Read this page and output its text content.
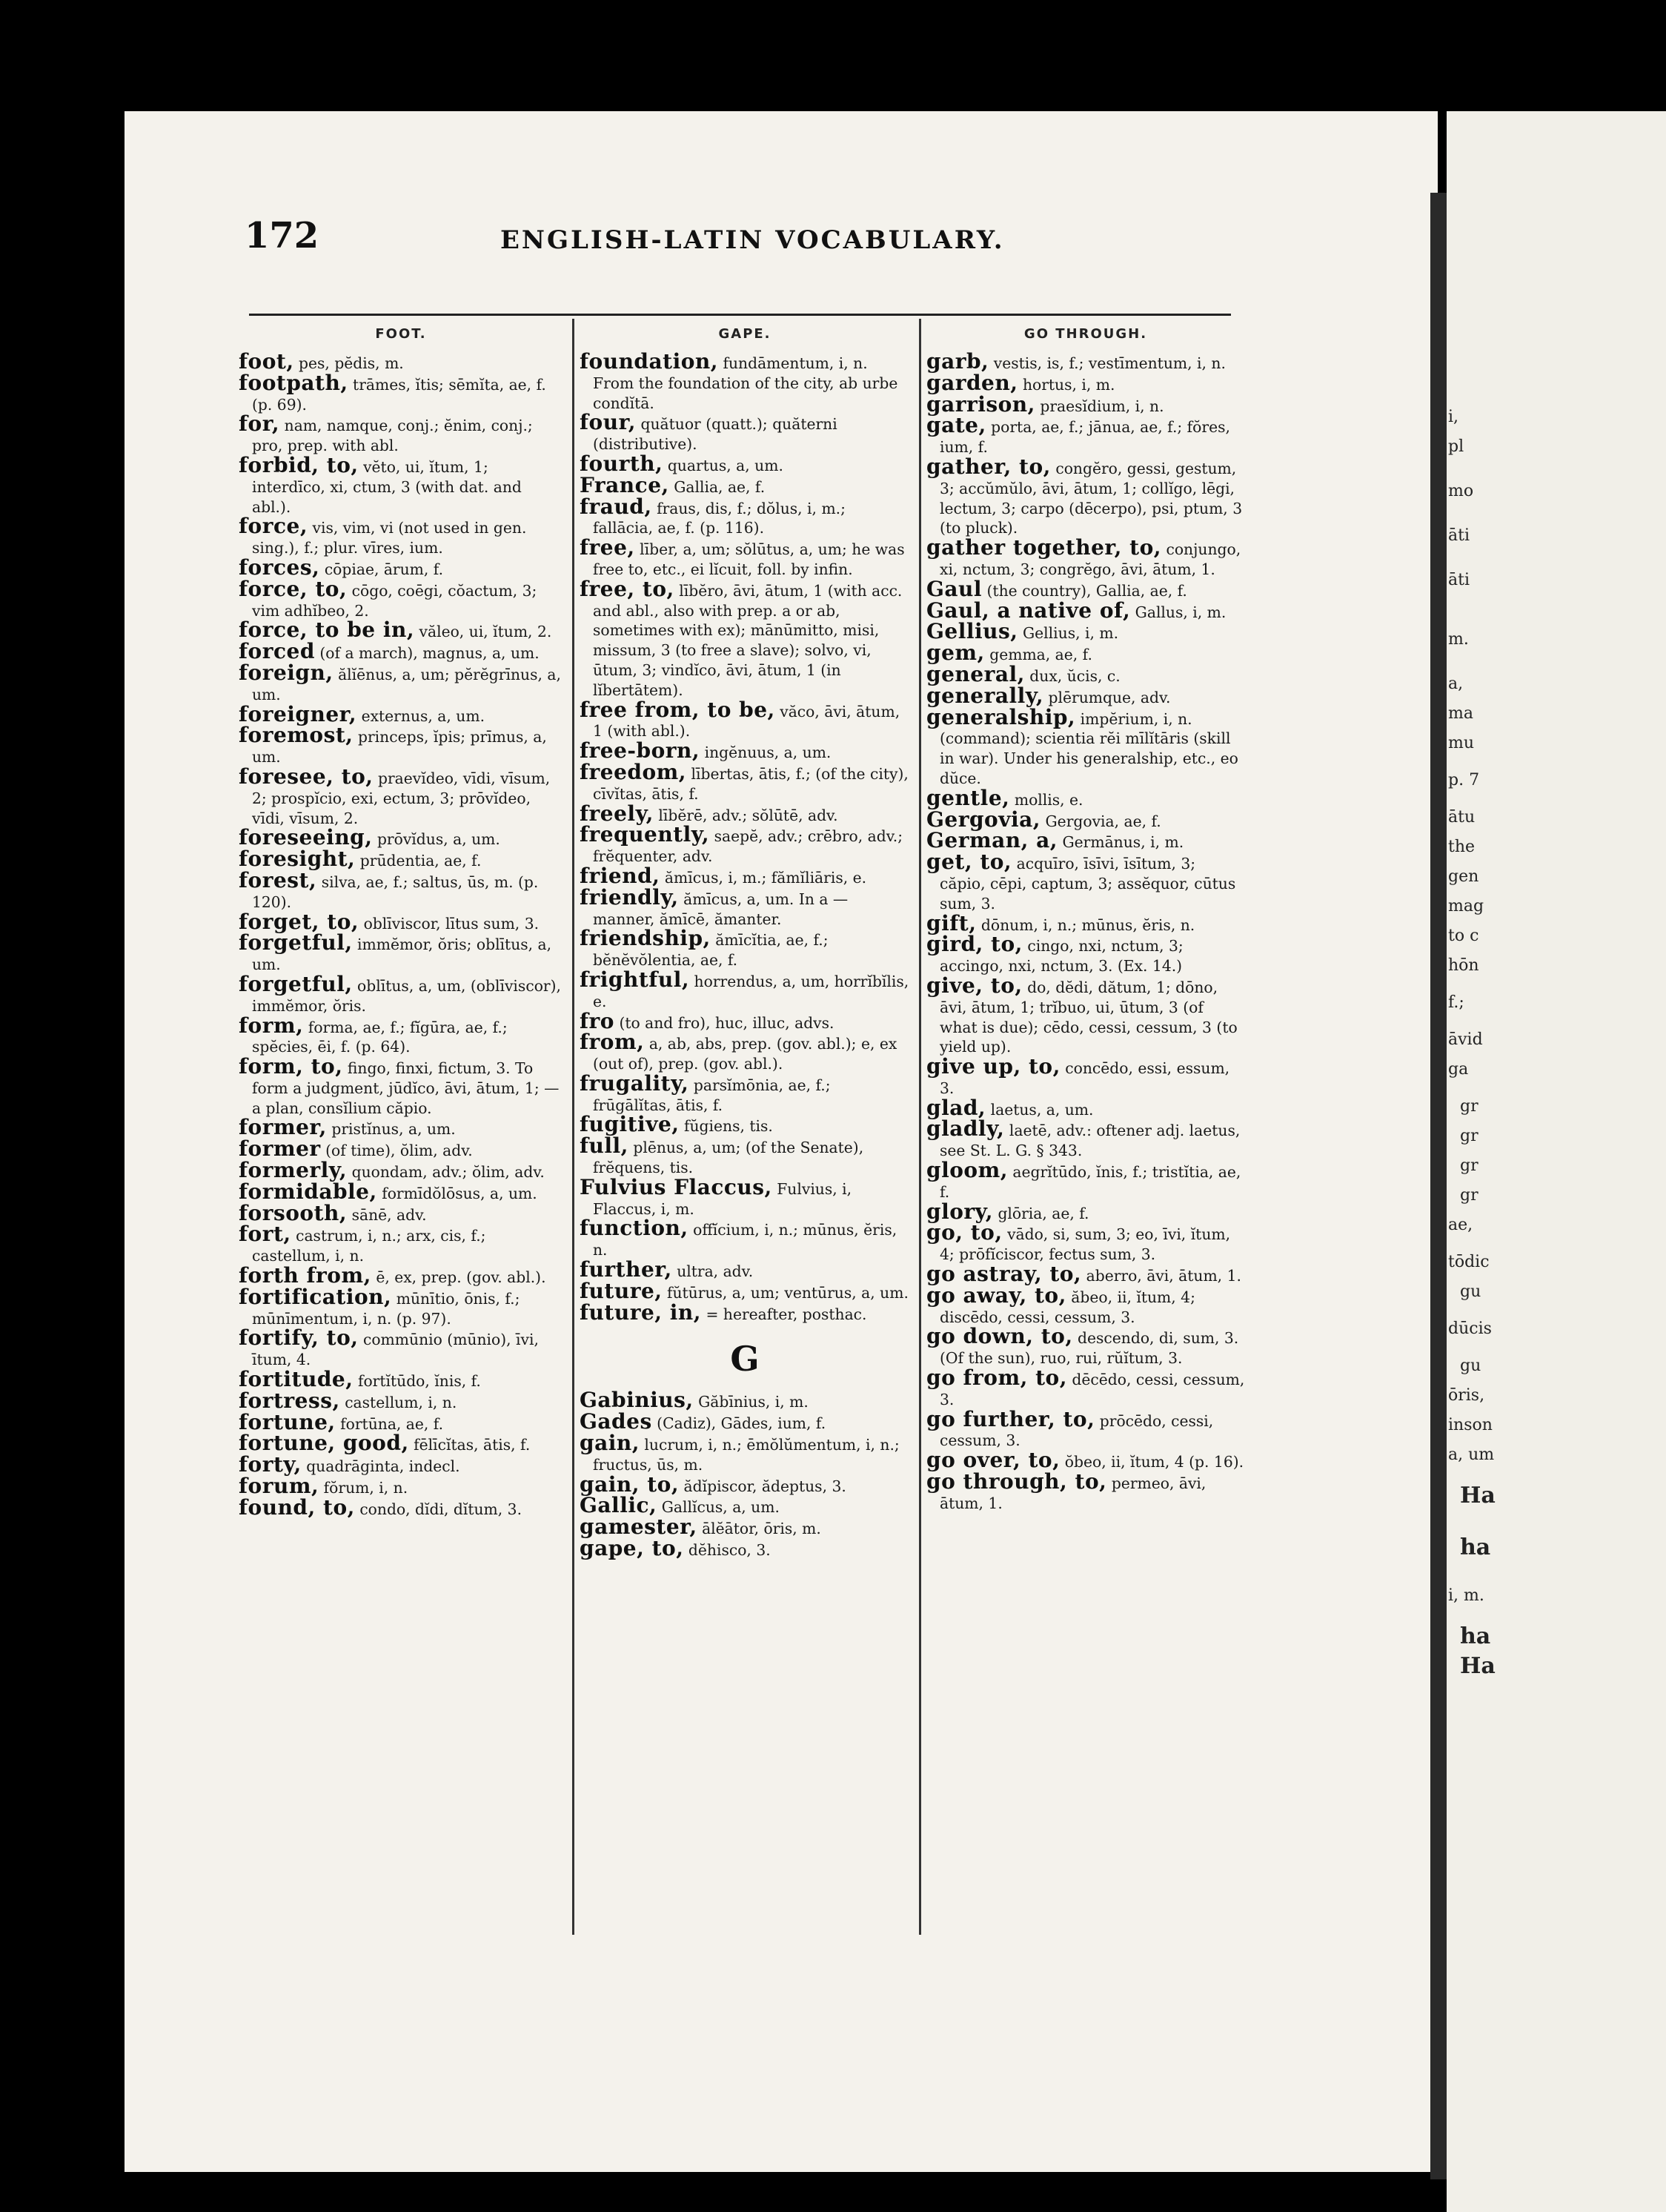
i,
pl
mo
āti
āti
m.
a,
ma
mu
p. 7
ātu
the
gen
mag
to c
hōn
f.;
āvid
ga
gr
gr
gr
gr
ae,
tōdic
gu
dūcis
gu
ōris,
inson
a, um
Ha
ha
i, m.
ha
Ha
172	ENGLISH-LATIN VOCABULARY.
FOOT.
foot, pes, pĕdis, m.
footpath, trāmes, ĭtis; sēmĭta, ae, f. (p. 69).
for, nam, namque, conj.; ĕnim, conj.; pro, prep. with abl.
forbid, to, vĕto, ui, ĭtum, 1; interdīco, xi, ctum, 3 (with dat. and abl.).
force, vis, vim, vi (not used in gen. sing.), f.; plur. vīres, ium.
forces, cōpiae, ārum, f.
force, to, cōgo, coēgi, cŏactum, 3; vim adhĭbeo, 2.
force, to be in, văleo, ui, ĭtum, 2.
forced (of a march), magnus, a, um.
foreign, ălĭēnus, a, um; pĕrĕgrīnus, a, um.
foreigner, externus, a, um.
foremost, princeps, ĭpis; prīmus, a, um.
foresee, to, praevĭdeo, vīdi, vīsum, 2; prospĭcio, exi, ectum, 3; prōvĭdeo, vīdi, vīsum, 2.
foreseeing, prōvĭdus, a, um.
foresight, prūdentia, ae, f.
forest, silva, ae, f.; saltus, ūs, m. (p. 120).
forget, to, oblīviscor, lītus sum, 3.
forgetful, immĕmor, ŏris; oblītus, a, um.
forgetful, oblītus, a, um, (oblīviscor), immĕmor, ŏris.
form, forma, ae, f.; fĭgūra, ae, f.; spĕcies, ēi, f. (p. 64).
form, to, fingo, finxi, fictum, 3. To form a judgment, jūdĭco, āvi, ātum, 1; — a plan, consĭlium căpio.
former, pristĭnus, a, um.
former (of time), ŏlim, adv.
formerly, quondam, adv.; ŏlim, adv.
formidable, formīdŏlōsus, a, um.
forsooth, sānē, adv.
fort, castrum, i, n.; arx, cis, f.; castellum, i, n.
forth from, ē, ex, prep. (gov. abl.).
fortification, mūnītio, ōnis, f.; mūnīmentum, i, n. (p. 97).
fortify, to, commūnio (mūnio), īvi, ītum, 4.
fortitude, fortĭtūdo, ĭnis, f.
fortress, castellum, i, n.
fortune, fortūna, ae, f.
fortune, good, fēlīcĭtas, ātis, f.
forty, quadrāginta, indecl.
forum, fŏrum, i, n.
found, to, condo, dĭdi, dĭtum, 3.
GAPE.
foundation, fundāmentum, i, n. From the foundation of the city, ab urbe condĭtā.
four, quătuor (quatt.); quăterni (distributive).
fourth, quartus, a, um.
France, Gallia, ae, f.
fraud, fraus, dis, f.; dŏlus, i, m.; fallācia, ae, f. (p. 116).
free, līber, a, um; sŏlūtus, a, um; he was free to, etc., ei lĭcuit, foll. by infin.
free, to, lībĕro, āvi, ātum, 1 (with acc. and abl., also with prep. a or ab, sometimes with ex); mānūmitto, misi, missum, 3 (to free a slave); solvo, vi, ūtum, 3; vindĭco, āvi, ātum, 1 (in lĭbertātem).
free from, to be, văco, āvi, ātum, 1 (with abl.).
free-born, ingĕnuus, a, um.
freedom, lībertas, ātis, f.; (of the city), cīvĭtas, ātis, f.
freely, lībĕrē, adv.; sŏlūtē, adv.
frequently, saepĕ, adv.; crēbro, adv.; frĕquenter, adv.
friend, ămīcus, i, m.; fămĭliāris, e.
friendly, ămīcus, a, um. In a — manner, ămīcē, ămanter.
friendship, ămīcĭtia, ae, f.; bĕnĕvŏlentia, ae, f.
frightful, horrendus, a, um, horrĭbĭlis, e.
fro (to and fro), huc, illuc, advs.
from, a, ab, abs, prep. (gov. abl.); e, ex (out of), prep. (gov. abl.).
frugality, parsĭmōnia, ae, f.; frūgālĭtas, ātis, f.
fugitive, fŭgiens, tis.
full, plēnus, a, um; (of the Senate), frĕquens, tis.
Fulvius Flaccus, Fulvius, i, Flaccus, i, m.
function, offĭcium, i, n.; mūnus, ĕris, n.
further, ultra, adv.
future, fŭtūrus, a, um; ventūrus, a, um.
future, in, = hereafter, posthac.
G
Gabinius, Găbīnius, i, m.
Gades (Cadiz), Gādes, ium, f.
gain, lucrum, i, n.; ēmŏlŭmentum, i, n.; fructus, ūs, m.
gain, to, ădĭpiscor, ădeptus, 3.
Gallic, Gallĭcus, a, um.
gamester, ālĕātor, ōris, m.
gape, to, dĕhisco, 3.
GO THROUGH.
garb, vestis, is, f.; vestīmentum, i, n.
garden, hortus, i, m.
garrison, praesĭdium, i, n.
gate, porta, ae, f.; jānua, ae, f.; fŏres, ium, f.
gather, to, congĕro, gessi, gestum, 3; accŭmŭlo, āvi, ātum, 1; collĭgo, lēgi, lectum, 3; carpo (dēcerpo), psi, ptum, 3 (to pluck).
gather together, to, conjungo, xi, nctum, 3; congrĕgo, āvi, ātum, 1.
Gaul (the country), Gallia, ae, f.
Gaul, a native of, Gallus, i, m.
Gellius, Gellius, i, m.
gem, gemma, ae, f.
general, dux, ŭcis, c.
generally, plērumque, adv.
generalship, impĕrium, i, n. (command); scientia rĕi mīlĭtāris (skill in war). Under his generalship, etc., eo dŭce.
gentle, mollis, e.
Gergovia, Gergovia, ae, f.
German, a, Germānus, i, m.
get, to, acquīro, īsīvi, īsītum, 3; căpio, cēpi, captum, 3; assĕquor, cūtus sum, 3.
gift, dōnum, i, n.; mūnus, ĕris, n.
gird, to, cingo, nxi, nctum, 3; accingo, nxi, nctum, 3. (Ex. 14.)
give, to, do, dĕdi, dătum, 1; dōno, āvi, ātum, 1; trĭbuo, ui, ūtum, 3 (of what is due); cēdo, cessi, cessum, 3 (to yield up).
give up, to, concēdo, essi, essum, 3.
glad, laetus, a, um.
gladly, laetē, adv.: oftener adj. laetus, see St. L. G. § 343.
gloom, aegrĭtūdo, ĭnis, f.; tristĭtia, ae, f.
glory, glōria, ae, f.
go, to, vādo, si, sum, 3; eo, īvi, ĭtum, 4; prōfĭciscor, fectus sum, 3.
go astray, to, aberro, āvi, ātum, 1.
go away, to, ăbeo, ii, ĭtum, 4; discēdo, cessi, cessum, 3.
go down, to, descendo, di, sum, 3. (Of the sun), ruo, rui, rŭĭtum, 3.
go from, to, dēcēdo, cessi, cessum, 3.
go further, to, prōcēdo, cessi, cessum, 3.
go over, to, ŏbeo, ii, ĭtum, 4 (p. 16).
go through, to, permeo, āvi, ātum, 1.
